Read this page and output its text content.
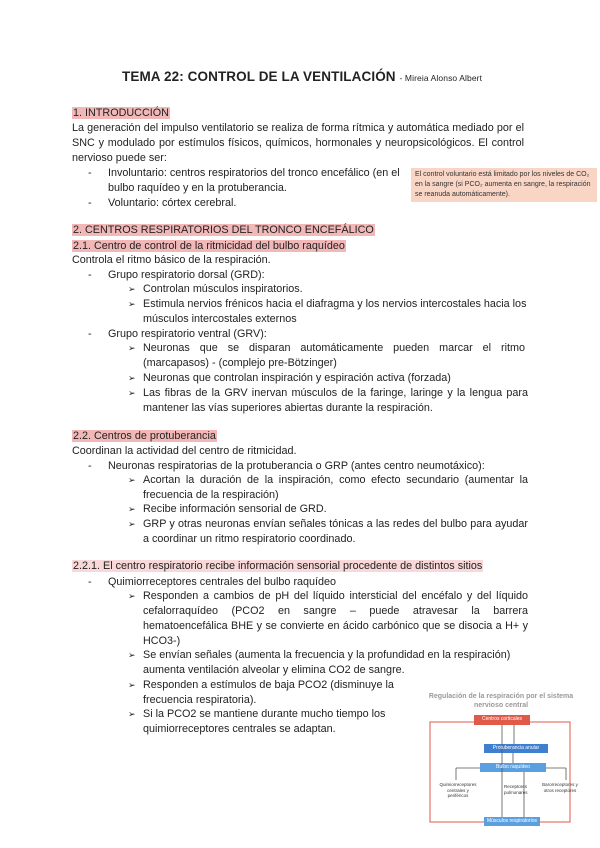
TEMA 22: CONTROL DE LA VENTILACIÓN - Mireia Alonso Albert
1. INTRODUCCIÓN
La generación del impulso ventilatorio se realiza de forma rítmica y automática mediado por el SNC y modulado por estímulos físicos, químicos, hormonales y neuropsicológicos. El control nervioso puede ser:
- Involuntario: centros respiratorios del tronco encefálico (en el bulbo raquídeo y en la protuberancia.
- Voluntario: córtex cerebral.
El control voluntario está limitado por los niveles de CO₂ en la sangre (si PCO₂ aumenta en sangre, la respiración se reanuda automáticamente).
2. CENTROS RESPIRATORIOS DEL TRONCO ENCEFÁLICO
2.1. Centro de control de la ritmicidad del bulbo raquídeo
Controla el ritmo básico de la respiración.
- Grupo respiratorio dorsal (GRD):
➢ Controlan músculos inspiratorios.
➢ Estimula nervios frénicos hacia el diafragma y los nervios intercostales hacia los músculos intercostales externos
- Grupo respiratorio ventral (GRV):
➢ Neuronas que se disparan automáticamente pueden marcar el ritmo (marcapasos) - (complejo pre-Bötzinger)
➢ Neuronas que controlan inspiración y espiración activa (forzada)
➢ Las fibras de la GRV inervan músculos de la faringe, laringe y la lengua para mantener las vías superiores abiertas durante la respiración.
2.2. Centros de protuberancia
Coordinan la actividad del centro de ritmicidad.
- Neuronas respiratorias de la protuberancia o GRP (antes centro neumotáxico):
➢ Acortan la duración de la inspiración, como efecto secundario (aumentar la frecuencia de la respiración)
➢ Recibe información sensorial de GRD.
➢ GRP y otras neuronas envían señales tónicas a las redes del bulbo para ayudar a coordinar un ritmo respiratorio coordinado.
2.2.1. El centro respiratorio recibe información sensorial procedente de distintos sitios
- Quimiorreceptores centrales del bulbo raquídeo
➢ Responden a cambios de pH del líquido intersticial del encéfalo y del líquido cefalorraquídeo (PCO2 en sangre – puede atravesar la barrera hematoencefálica BHE y se convierte en ácido carbónico que se disocia a H+ y HCO3-)
➢ Se envían señales (aumenta la frecuencia y la profundidad en la respiración) aumenta ventilación alveolar y elimina CO2 de sangre.
➢ Responden a estímulos de baja PCO2 (disminuye la frecuencia respiratoria).
➢ Si la PCO2 se mantiene durante mucho tiempo los quimiorreceptores centrales se adaptan.
Regulación de la respiración por el sistema nervioso central
Centros corticales
Protuberancia anular
Bulbo raquídeo
Quimiorreceptores centrales y periféricos
Receptores pulmonares
Barorreceptores y otros receptores
Músculos respiratorios
